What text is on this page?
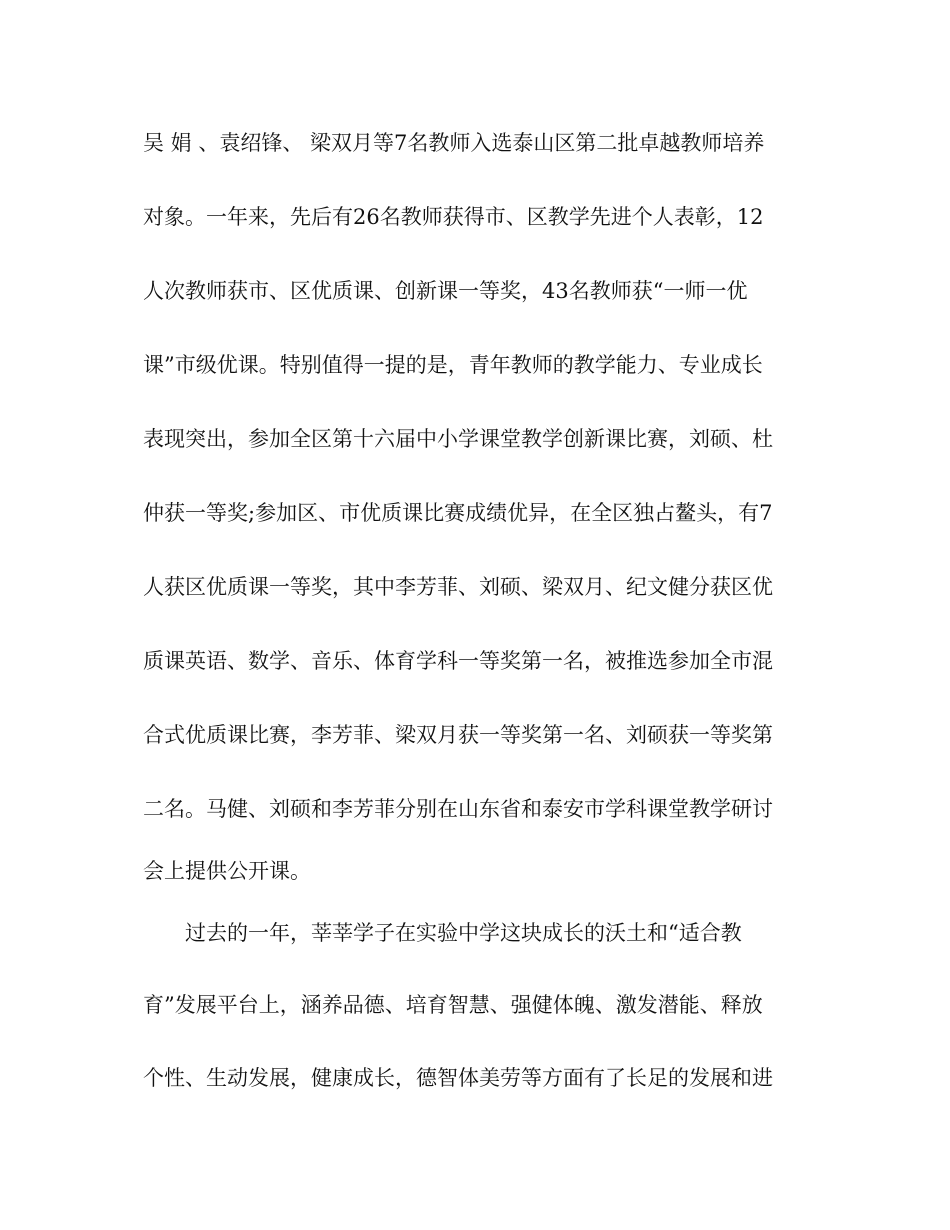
吴 娟 、袁绍锋、 梁双月等7名教师入选泰山区第二批卓越教师培养
对象。一年来，先后有26名教师获得市、区教学先进个人表彰，12
人次教师获市、区优质课、创新课一等奖，43名教师获“一师一优
课”市级优课。特别值得一提的是，青年教师的教学能力、专业成长
表现突出，参加全区第十六届中小学课堂教学创新课比赛，刘硕、杜
仲获一等奖;参加区、市优质课比赛成绩优异，在全区独占鳌头，有7
人获区优质课一等奖，其中李芳菲、刘硕、梁双月、纪文健分获区优
质课英语、数学、音乐、体育学科一等奖第一名，被推选参加全市混
合式优质课比赛，李芳菲、梁双月获一等奖第一名、刘硕获一等奖第
二名。马健、刘硕和李芳菲分别在山东省和泰安市学科课堂教学研讨
会上提供公开课。
过去的一年，莘莘学子在实验中学这块成长的沃土和“适合教
育”发展平台上，涵养品德、培育智慧、强健体魄、激发潜能、释放
个性、生动发展，健康成长，德智体美劳等方面有了长足的发展和进
